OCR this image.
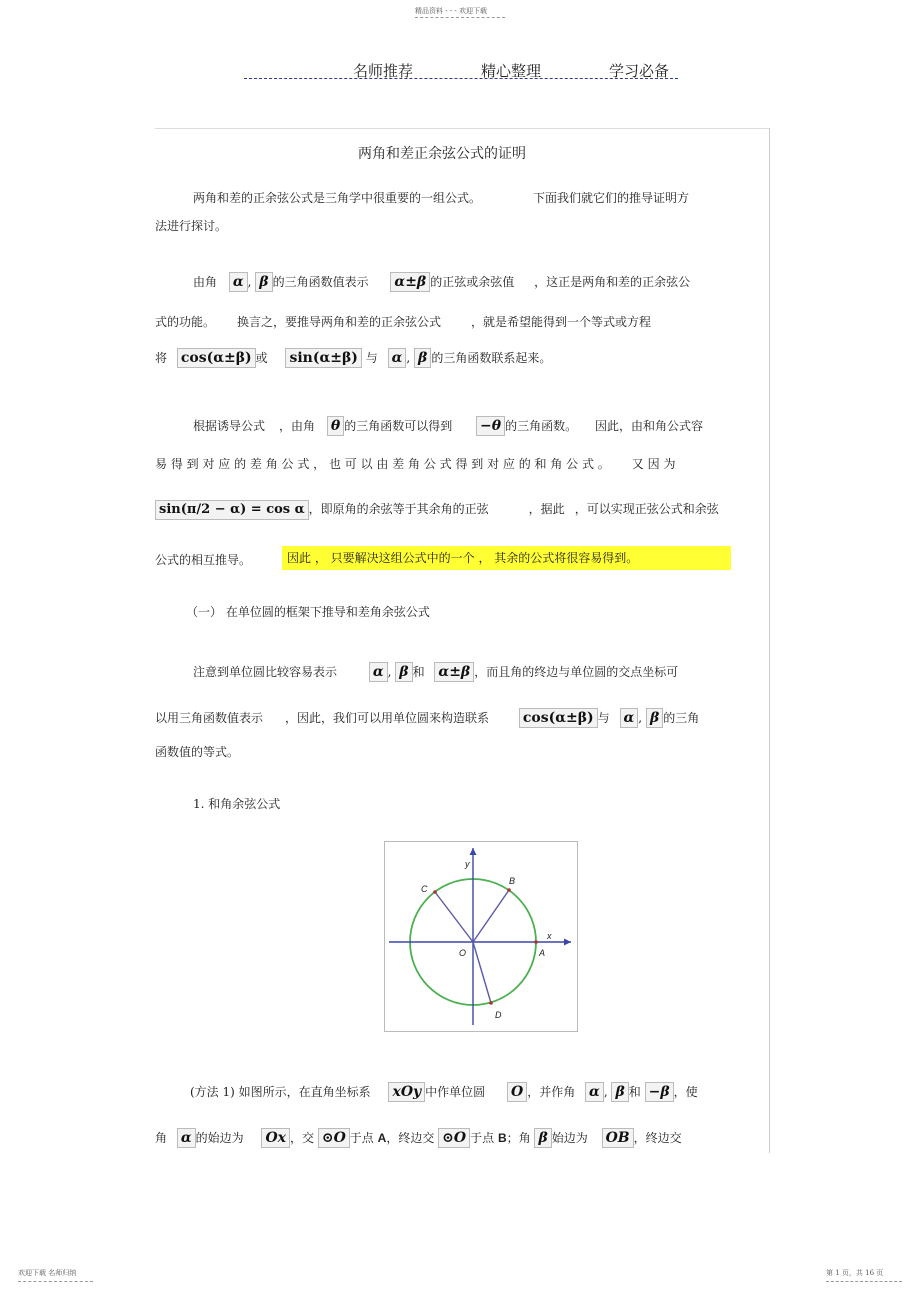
精品资料 - - - 欢迎下载
名师推荐	精心整理	学习必备
两角和差正余弦公式的证明
两角和差的正余弦公式是三角学中很重要的一组公式。	下面我们就它们的推导证明方
法进行探讨。
由角 α , β 的三角函数值表示 α±β 的正弦或余弦值 ，这正是两角和差的正余弦公
式的功能。 换言之，要推导两角和差的正余弦公式	，就是希望能得到一个等式或方程
将 cos(α±β) 或 sin(α±β) 与 α , β 的三角函数联系起来。
根据诱导公式 ，由角 θ 的三角函数可以得到 −θ 的三角函数。 因此，由和角公式容
易 得 到 对 应 的 差 角 公 式 ， 也 可 以 由 差 角 公 式 得 到 对 应 的 和 角 公 式 。 又 因 为
sin(π/2 − α) = cos α ，即原角的余弦等于其余角的正弦	，据此 ，可以实现正弦公式和余弦
公式的相互推导。	因此 ， 只要解决这组公式中的一个 ， 其余的公式将很容易得到。
（一） 在单位圆的框架下推导和差角余弦公式
注意到单位圆比较容易表示	α , β 和 α±β ，而且角的终边与单位圆的交点坐标可
以用三角函数值表示 ，因此，我们可以用单位圆来构造联系 cos(α±β) 与 α , β 的三角
函数值的等式。
1. 和角余弦公式
y
x
O	A
B
C
D
(方法 1) 如图所示，在直角坐标系 xOy 中作单位圆 O ，并作角 α , β 和 −β ，使
角 α 的始边为 Ox ，交 ⊙O 于点 A，终边交 ⊙O 于点 B；角 β 始边为 OB ，终边交
欢迎下载 名师归纳	第 1 页，共 16 页
